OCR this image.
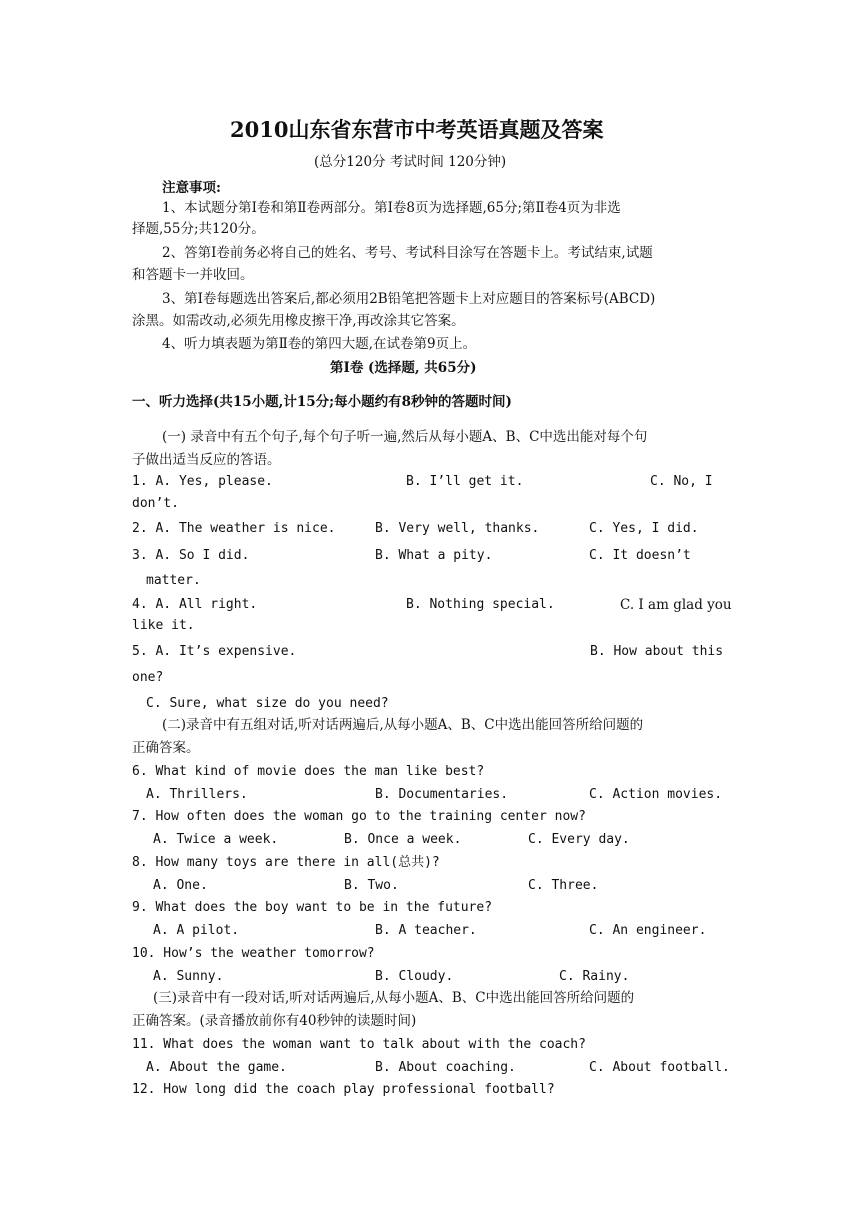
2010山东省东营市中考英语真题及答案
(总分120分 考试时间 120分钟)
注意事项:
1、本试题分第Ⅰ卷和第Ⅱ卷两部分。第Ⅰ卷8页为选择题,65分;第Ⅱ卷4页为非选
择题,55分;共120分。
2、答第Ⅰ卷前务必将自己的姓名、考号、考试科目涂写在答题卡上。考试结束,试题
和答题卡一并收回。
3、第Ⅰ卷每题选出答案后,都必须用2B铅笔把答题卡上对应题目的答案标号(ABCD)
涂黑。如需改动,必须先用橡皮擦干净,再改涂其它答案。
4、听力填表题为第Ⅱ卷的第四大题,在试卷第9页上。
第Ⅰ卷 (选择题, 共65分)
一、听力选择(共15小题,计15分;每小题约有8秒钟的答题时间)
(一) 录音中有五个句子,每个句子听一遍,然后从每小题A、B、C中选出能对每个句
子做出适当反应的答语。
1. A. Yes, please.	B. I’ll get it.	C. No, I
don’t.
2. A. The weather is nice.	B. Very well, thanks.	C. Yes, I did.
3. A. So I did.	B. What a pity.	C. It doesn’t
matter.
4. A. All right.	B. Nothing special.	C. I am glad you
like it.
5. A. It’s expensive.	B. How about this
one?
C. Sure, what size do you need?
(二)录音中有五组对话,听对话两遍后,从每小题A、B、C中选出能回答所给问题的
正确答案。
6. What kind of movie does the man like best?
A. Thrillers.	B. Documentaries.	C. Action movies.
7. How often does the woman go to the training center now?
A. Twice a week.	B. Once a week.	C. Every day.
8. How many toys are there in all(总共)?
A. One.	B. Two.	C. Three.
9. What does the boy want to be in the future?
A. A pilot.	B. A teacher.	C. An engineer.
10. How’s the weather tomorrow?
A. Sunny.	B. Cloudy.	C. Rainy.
(三)录音中有一段对话,听对话两遍后,从每小题A、B、C中选出能回答所给问题的
正确答案。(录音播放前你有40秒钟的读题时间)
11. What does the woman want to talk about with the coach?
A. About the game.	B. About coaching.	C. About football.
12. How long did the coach play professional football?
